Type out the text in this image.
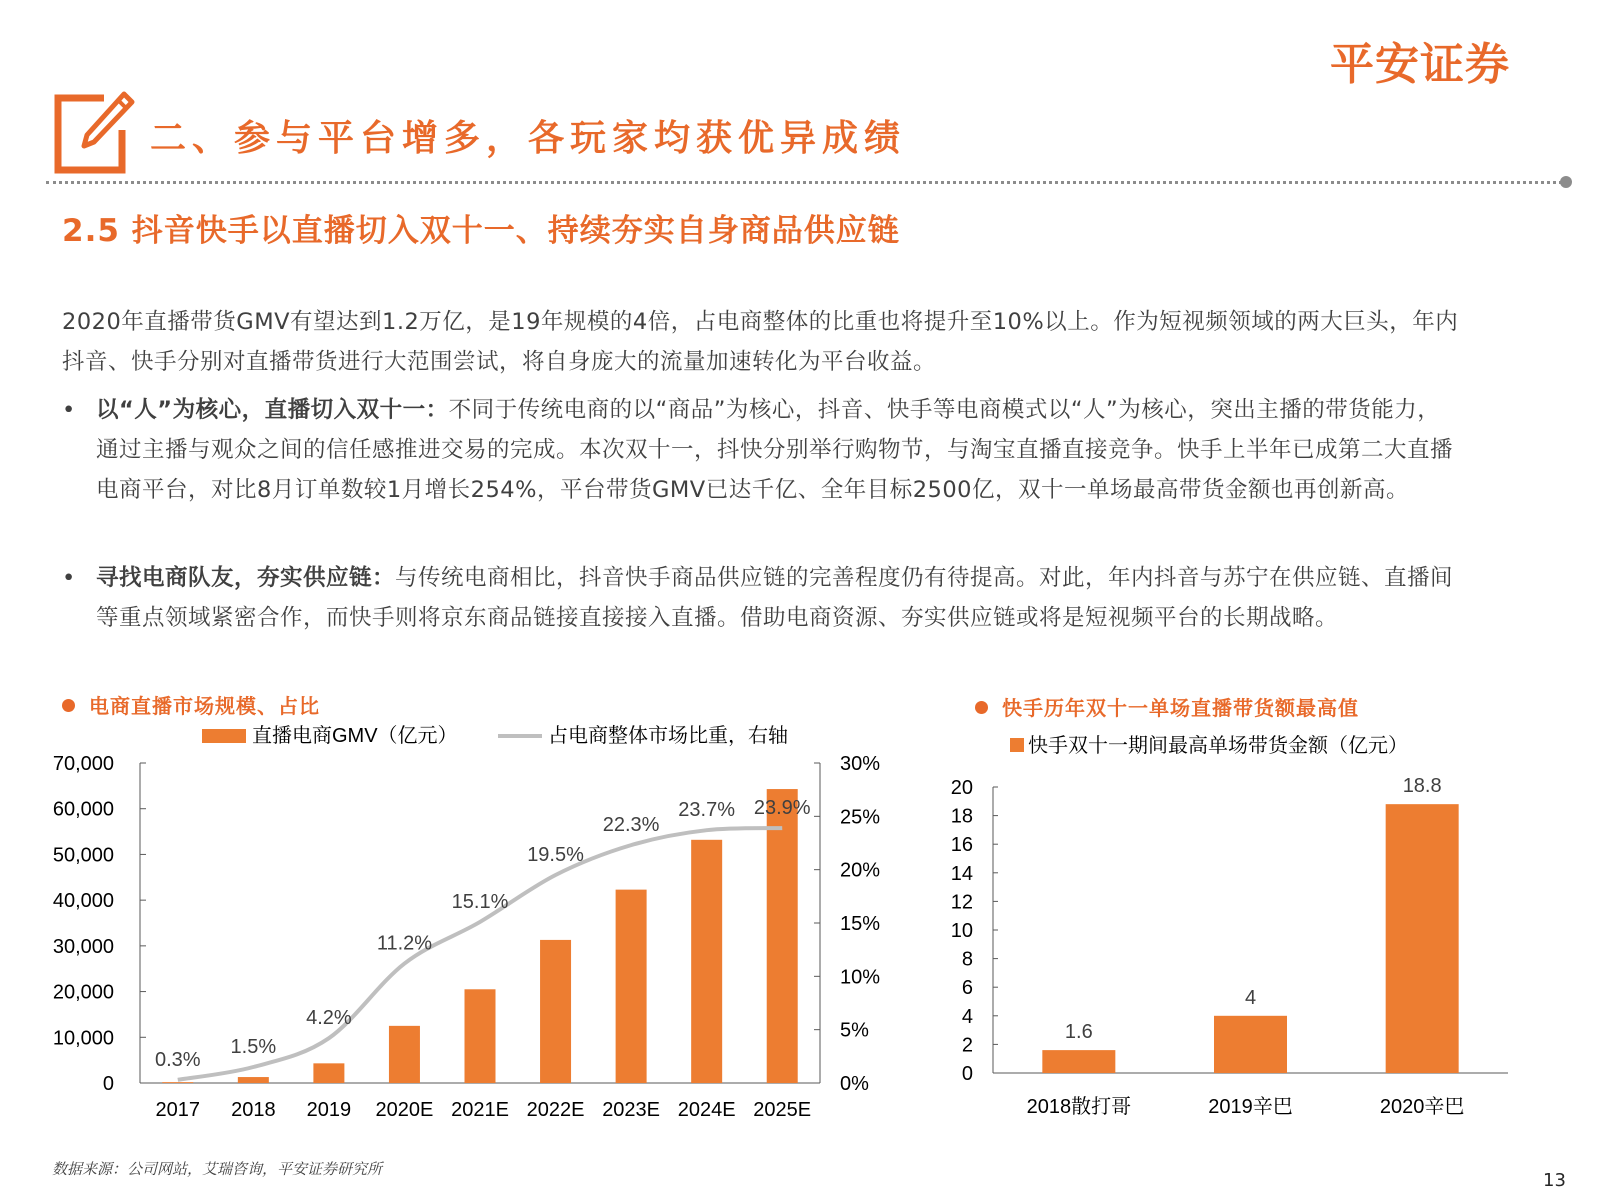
平安证券
二、参与平台增多，各玩家均获优异成绩
2.5 抖音快手以直播切入双十一、持续夯实自身商品供应链
2020年直播带货GMV有望达到1.2万亿，是19年规模的4倍，占电商整体的比重也将提升至10%以上。作为短视频领域的两大巨头，年内抖音、快手分别对直播带货进行大范围尝试，将自身庞大的流量加速转化为平台收益。
• 以“人”为核心，直播切入双十一：不同于传统电商的以“商品”为核心，抖音、快手等电商模式以“人”为核心，突出主播的带货能力，通过主播与观众之间的信任感推进交易的完成。本次双十一，抖快分别举行购物节，与淘宝直播直接竞争。快手上半年已成第二大直播电商平台，对比8月订单数较1月增长254%，平台带货GMV已达千亿、全年目标2500亿，双十一单场最高带货金额也再创新高。
• 寻找电商队友，夯实供应链：与传统电商相比，抖音快手商品供应链的完善程度仍有待提高。对此，年内抖音与苏宁在供应链、直播间等重点领域紧密合作，而快手则将京东商品链接直接接入直播。借助电商资源、夯实供应链或将是短视频平台的长期战略。
电商直播市场规模、占比	快手历年双十一单场直播带货额最高值
0
10,000
20,000
30,000
40,000
50,000
60,000
70,000
0%
5%
10%
15%
20%
25%
30%
2017 2018 2019 2020E 2021E 2022E 2023E 2024E 2025E
0.3%
1.5%
4.2%
11.2%
15.1%
19.5%
22.3%
23.7% 23.9%
直播电商GMV（亿元）	占电商整体市场比重，右轴
0
2
4
6
8
10
12
14
16
18
20
1.6
2018散打哥
4
2019辛巴
18.8
2020辛巴
快手双十一期间最高单场带货金额（亿元）
数据来源：公司网站，艾瑞咨询，平安证券研究所
13
